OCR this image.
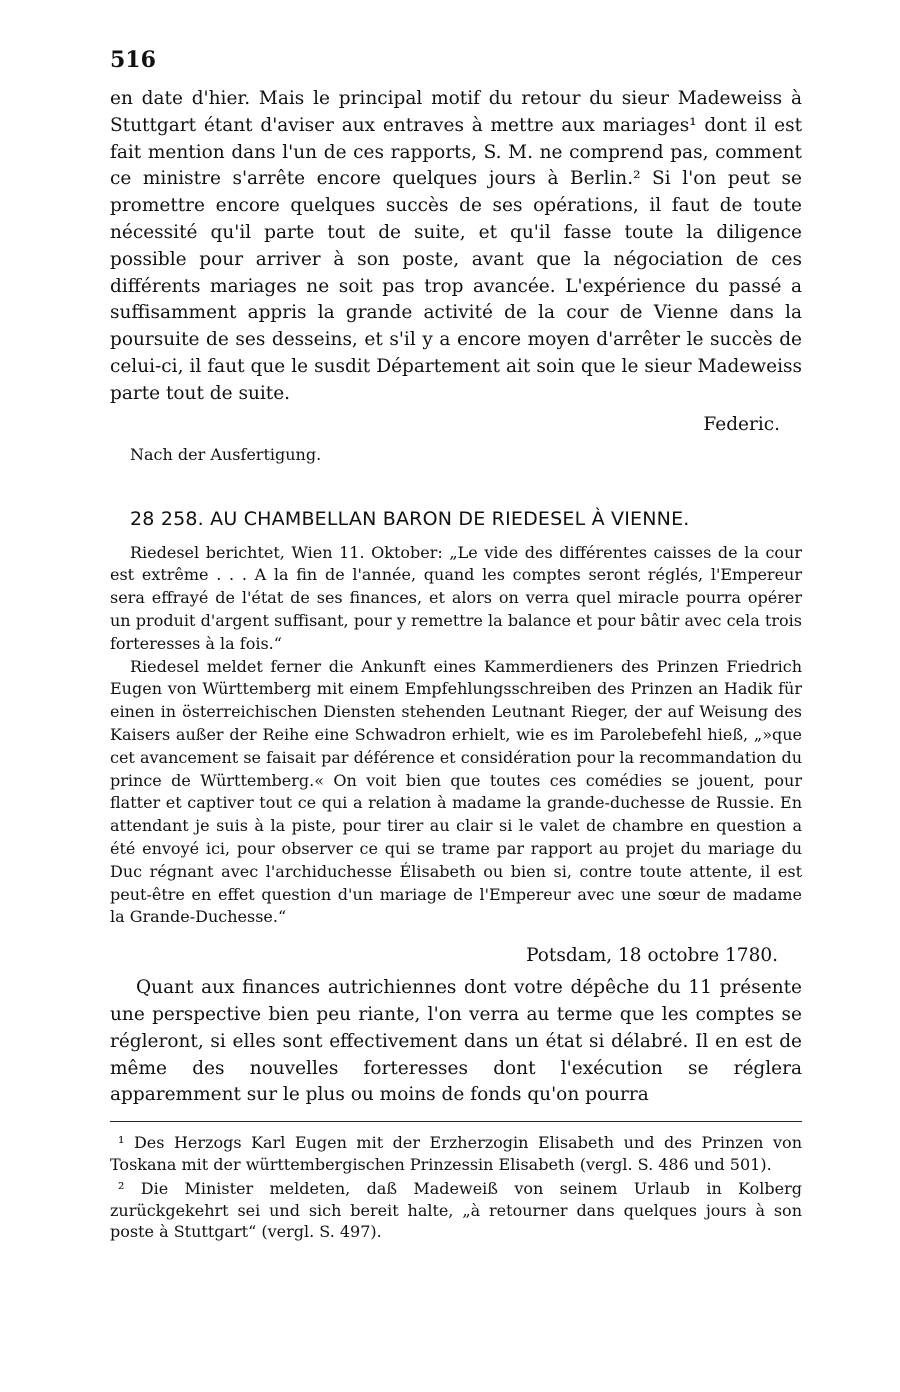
516

en date d'hier. Mais le principal motif du retour du sieur Madeweiss à Stuttgart étant d'aviser aux entraves à mettre aux mariages¹ dont il est fait mention dans l'un de ces rapports, S. M. ne comprend pas, comment ce ministre s'arrête encore quelques jours à Berlin.² Si l'on peut se promettre encore quelques succès de ses opérations, il faut de toute nécessité qu'il parte tout de suite, et qu'il fasse toute la diligence possible pour arriver à son poste, avant que la négociation de ces différents mariages ne soit pas trop avancée. L'expérience du passé a suffisamment appris la grande activité de la cour de Vienne dans la poursuite de ses desseins, et s'il y a encore moyen d'arrêter le succès de celui-ci, il faut que le susdit Département ait soin que le sieur Madeweiss parte tout de suite.

Federic.
Nach der Ausfertigung.
28 258. AU CHAMBELLAN BARON DE RIEDESEL À VIENNE.

Riedesel berichtet, Wien 11. Oktober: „Le vide des différentes caisses de la cour est extrême . . . A la fin de l'année, quand les comptes seront réglés, l'Empereur sera effrayé de l'état de ses finances, et alors on verra quel miracle pourra opérer un produit d'argent suffisant, pour y remettre la balance et pour bâtir avec cela trois forteresses à la fois.“

Riedesel meldet ferner die Ankunft eines Kammerdieners des Prinzen Friedrich Eugen von Württemberg mit einem Empfehlungsschreiben des Prinzen an Hadik für einen in österreichischen Diensten stehenden Leutnant Rieger, der auf Weisung des Kaisers außer der Reihe eine Schwadron erhielt, wie es im Parolebefehl hieß, „»que cet avancement se faisait par déférence et considération pour la recommandation du prince de Württemberg.« On voit bien que toutes ces comédies se jouent, pour flatter et captiver tout ce qui a relation à madame la grande-duchesse de Russie. En attendant je suis à la piste, pour tirer au clair si le valet de chambre en question a été envoyé ici, pour observer ce qui se trame par rapport au projet du mariage du Duc régnant avec l'archiduchesse Élisabeth ou bien si, contre toute attente, il est peut-être en effet question d'un mariage de l'Empereur avec une sœur de madame la Grande-Duchesse.“

Potsdam, 18 octobre 1780.

Quant aux finances autrichiennes dont votre dépêche du 11 présente une perspective bien peu riante, l'on verra au terme que les comptes se régleront, si elles sont effectivement dans un état si délabré. Il en est de même des nouvelles forteresses dont l'exécution se réglera apparemment sur le plus ou moins de fonds qu'on pourra

¹ Des Herzogs Karl Eugen mit der Erzherzogin Elisabeth und des Prinzen von Toskana mit der württembergischen Prinzessin Elisabeth (vergl. S. 486 und 501).

² Die Minister meldeten, daß Madeweiß von seinem Urlaub in Kolberg zurückgekehrt sei und sich bereit halte, „à retourner dans quelques jours à son poste à Stuttgart“ (vergl. S. 497).
